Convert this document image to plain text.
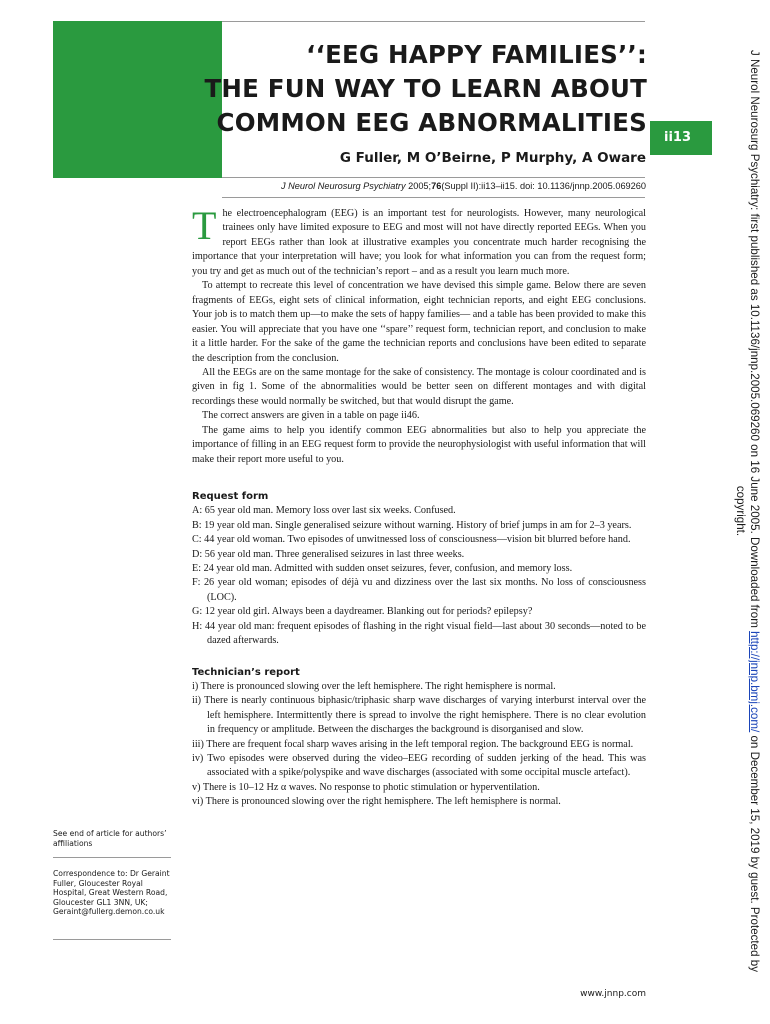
‘‘EEG HAPPY FAMILIES’’:
THE FUN WAY TO LEARN ABOUT
COMMON EEG ABNORMALITIES
G Fuller, M O’Beirne, P Murphy, A Oware
J Neurol Neurosurg Psychiatry 2005;76(Suppl II):ii13–ii15. doi: 10.1136/jnnp.2005.069260
ii13

The electroencephalogram (EEG) is an important test for neurologists. However, many neurological trainees only have limited exposure to EEG and most will not have directly reported EEGs. When you report EEGs rather than look at illustrative examples you concentrate much harder recognising the importance that your interpretation will have; you look for what information you can from the request form; you try and get as much out of the technician’s report – and as a result you learn much more.

To attempt to recreate this level of concentration we have devised this simple game. Below there are seven fragments of EEGs, eight sets of clinical information, eight technician reports, and eight EEG conclusions. Your job is to match them up—to make the sets of happy families— and a table has been provided to make this easier. You will appreciate that you have one ‘‘spare’’ request form, technician report, and conclusion to make it a little harder. For the sake of the game the technician reports and conclusions have been edited to separate the description from the conclusion.

All the EEGs are on the same montage for the sake of consistency. The montage is colour coordinated and is given in fig 1. Some of the abnormalities would be better seen on different montages and with digital recordings these would normally be switched, but that would disrupt the game.

The correct answers are given in a table on page ii46.

The game aims to help you identify common EEG abnormalities but also to help you appreciate the importance of filling in an EEG request form to provide the neurophysiologist with useful information that will make their report more useful to you.

Request form
A: 65 year old man. Memory loss over last six weeks. Confused.
B: 19 year old man. Single generalised seizure without warning. History of brief jumps in am for 2–3 years.
C: 44 year old woman. Two episodes of unwitnessed loss of consciousness—vision bit blurred before hand.
D: 56 year old man. Three generalised seizures in last three weeks.
E: 24 year old man. Admitted with sudden onset seizures, fever, confusion, and memory loss.
F: 26 year old woman; episodes of déjà vu and dizziness over the last six months. No loss of consciousness (LOC).
G: 12 year old girl. Always been a daydreamer. Blanking out for periods? epilepsy?
H: 44 year old man: frequent episodes of flashing in the right visual field—last about 30 seconds—noted to be dazed afterwards.
Technician’s report
i) There is pronounced slowing over the left hemisphere. The right hemisphere is normal.
ii) There is nearly continuous biphasic/triphasic sharp wave discharges of varying interburst interval over the left hemisphere. Intermittently there is spread to involve the right hemisphere. There is no clear evolution in frequency or amplitude. Between the discharges the background is disorganised and slow.
iii) There are frequent focal sharp waves arising in the left temporal region. The background EEG is normal.
iv) Two episodes were observed during the video–EEG recording of sudden jerking of the head. This was associated with a spike/polyspike and wave discharges (associated with some occipital muscle artefact).
v) There is 10–12 Hz α waves. No response to photic stimulation or hyperventilation.
vi) There is pronounced slowing over the right hemisphere. The left hemisphere is normal.

See end of article for authors’ affiliations

Correspondence to: Dr Geraint Fuller, Gloucester Royal Hospital, Great Western Road, Gloucester GL1 3NN, UK; Geraint@fullerg.demon.co.uk

www.jnnp.com
J Neurol Neurosurg Psychiatry: first published as 10.1136/jnnp.2005.069260 on 16 June 2005. Downloaded from http://jnnp.bmj.com/ on December 15, 2019 by guest. Protected by copyright.
